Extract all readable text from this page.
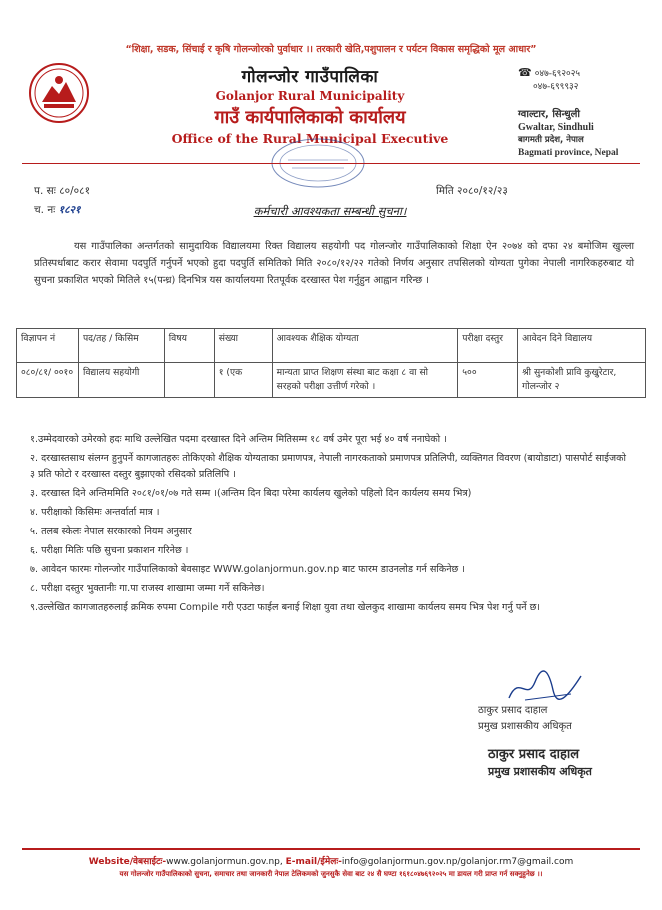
“शिक्षा, सडक, सिंचाई र कृषि गोलन्जोरको पुर्वाधार ।। तरकारी खेति,पशुपालन र पर्यटन विकास समृद्धिको मूल आधार”
गोलन्जोर गाउँपालिका
Golanjor Rural Municipality
गाउँ कार्यपालिकाको कार्यालय
Office of the Rural Municipal Executive
☎ ०४७-६९२०२५
०४७-६९९९३२
ग्वाल्टार, सिन्धुली
Gwaltar, Sindhuli
बागमती प्रदेश, नेपाल
Bagmati province, Nepal
प. सः ८०/०८१
च. नः १८२१
मिति २०८०/१२/२३
कर्मचारी आवश्यकता सम्बन्धी सुचना।
यस गाउँपालिका अन्तर्गतको सामुदायिक विद्यालयमा रिक्त विद्यालय सहयोगी पद गोलन्जोर गाउँपालिकाको शिक्षा ऐन २०७४ को दफा २४ बमोजिम खुल्ला प्रतिस्पर्धाबाट करार सेवामा पदपुर्ति गर्नुपर्ने भएको हुदा पदपुर्ति समितिको मिति २०८०/१२/२२ गतेको निर्णय अनुसार तपसिलको योग्यता पुगेका नेपाली नागरिकहरुबाट यो सुचना प्रकाशित भएको मितिले १५(पन्ध्र) दिनभित्र यस कार्यालयमा रितपूर्वक दरखास्त पेश गर्नुहुन आह्वान गरिन्छ ।
विज्ञापन नं	पद/तह / किसिम	विषय	संख्या	आवश्यक शैक्षिक योग्यता	परीक्षा दस्तुर	आवेदन दिने विद्यालय
०८०/८१/ ००१०	विद्यालय सहयोगी		१ (एक	मान्यता प्राप्त शिक्षण संस्था बाट कक्षा ८ वा सो सरहको परीक्षा उत्तीर्ण गरेको ।	५००	श्री सुनकोशी प्रावि कुखुरेटार, गोलन्जोर २
१.उम्मेदवारको उमेरको हदः माथि उल्लेखित पदमा दरखास्त दिने अन्तिम मितिसम्म १८ वर्ष उमेर पूरा भई ४० वर्ष ननाघेको ।
२. दरखास्तसाथ संलग्न हुनुपर्ने कागजातहरुः तोकिएको शैक्षिक योग्यताका प्रमाणपत्र, नेपाली नागरकताको प्रमाणपत्र प्रतिलिपी, व्यक्तिगत विवरण (बायोडाटा) पासपोर्ट साईजको ३ प्रति फोटो र दरखास्त दस्तुर बुझाएको रसिदको प्रतिलिपि ।
३. दरखास्त दिने अन्तिममिति २०८१/०१/०७ गते सम्म ।(अन्तिम दिन बिदा परेमा कार्यलय खुलेको पहिलो दिन कार्यलय समय भित्र)
४. परीक्षाको किसिमः अन्तर्वार्ता मात्र ।
५. तलब स्केलः नेपाल सरकारको नियम अनुसार
६. परीक्षा मितिः पछि सुचना प्रकाशन गरिनेछ ।
७. आवेदन फारमः गोलन्जोर गाउँपालिकाको बेवसाइट WWW.golanjormun.gov.np बाट फारम डाउनलोड गर्न सकिनेछ ।
८. परीक्षा दस्तुर भुक्तानीः गा.पा राजस्व शाखामा जम्मा गर्ने सकिनेछ।
९.उल्लेखित कागजातहरुलाई क्रमिक रुपमा Compile गरी एउटा फाईल बनाई शिक्षा युवा तथा खेलकुद शाखामा कार्यलय समय भित्र पेश गर्नु पर्ने छ।
ठाकुर प्रसाद दाहाल
प्रमुख प्रशासकीय अधिकृत
ठाकुर प्रसाद दाहाल
प्रमुख प्रशासकीय अधिकृत
Website/वेबसाईटः-www.golanjormun.gov.np, E-mail/ईमेलः-info@golanjormun.gov.np/golanjor.rm7@gmail.com
यस गोलन्जोर गाउँपालिकाको सुचना, समाचार तथा जानकारी नेपाल टेलिकमको जुनसुकै सेवा बाट २४ सै घण्टा १६१८०४७६९२०२५ मा डायल गरी प्राप्त गर्न सक्नुहुनेछ ।।
